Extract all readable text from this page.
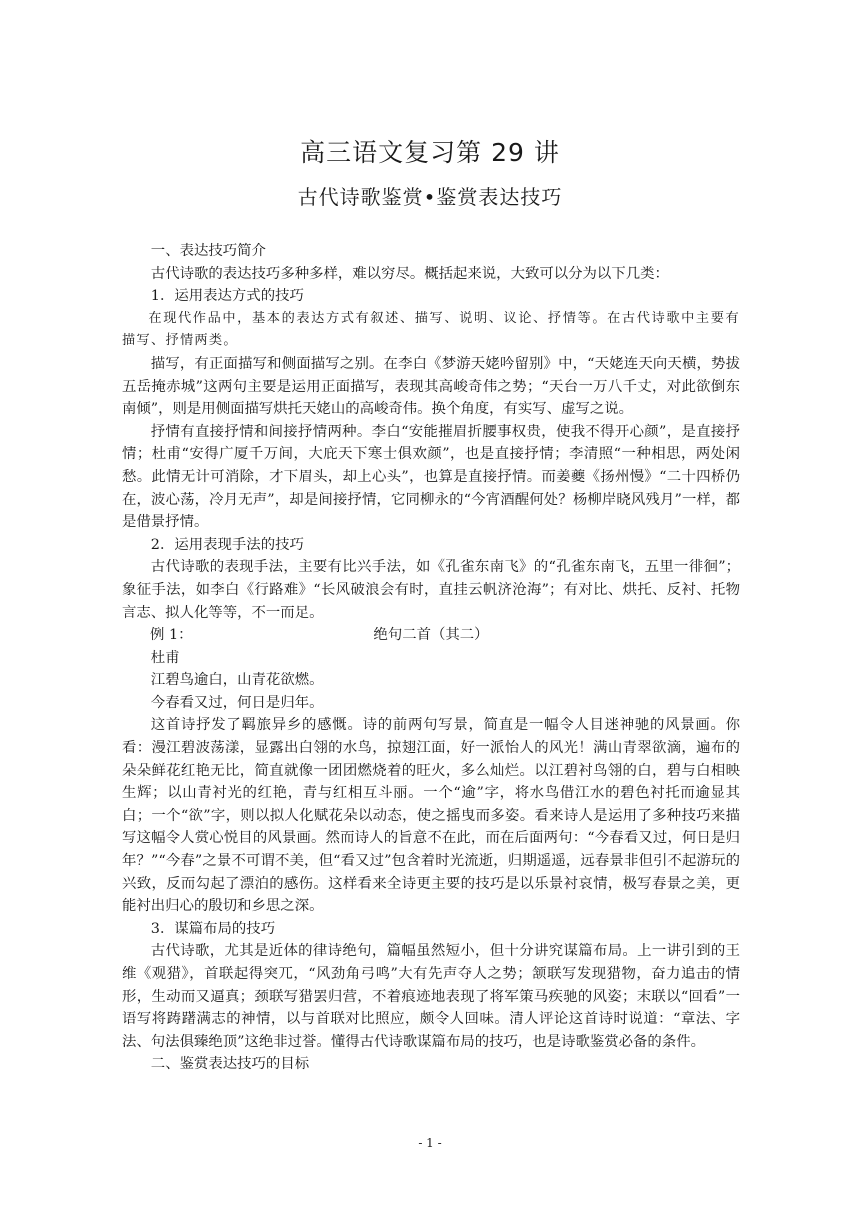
高三语文复习第 29 讲
古代诗歌鉴赏•鉴赏表达技巧

一、表达技巧简介

古代诗歌的表达技巧多种多样，难以穷尽。概括起来说，大致可以分为以下几类：

1．运用表达方式的技巧

在现代作品中，基本的表达方式有叙述、描写、说明、议论、抒情等。在古代诗歌中主要有描写、抒情两类。

描写，有正面描写和侧面描写之别。在李白《梦游天姥吟留别》中，“天姥连天向天横，势拔五岳掩赤城”这两句主要是运用正面描写，表现其高峻奇伟之势；“天台一万八千丈，对此欲倒东南倾”，则是用侧面描写烘托天姥山的高峻奇伟。换个角度，有实写、虚写之说。

抒情有直接抒情和间接抒情两种。李白“安能摧眉折腰事权贵，使我不得开心颜”，是直接抒情；杜甫“安得广厦千万间，大庇天下寒士俱欢颜”，也是直接抒情；李清照“一种相思，两处闲愁。此情无计可消除，才下眉头，却上心头”，也算是直接抒情。而姜夔《扬州慢》“二十四桥仍在，波心荡，冷月无声”，却是间接抒情，它同柳永的“今宵酒醒何处？杨柳岸晓风残月”一样，都是借景抒情。

2．运用表现手法的技巧

古代诗歌的表现手法，主要有比兴手法，如《孔雀东南飞》的“孔雀东南飞，五里一徘徊”；象征手法，如李白《行路难》“长风破浪会有时，直挂云帆济沧海”；有对比、烘托、反衬、托物言志、拟人化等等，不一而足。

例 1：	绝句二首（其二）

杜甫

江碧鸟逾白，山青花欲燃。

今春看又过，何日是归年。

这首诗抒发了羁旅异乡的感慨。诗的前两句写景，简直是一幅令人目迷神驰的风景画。你看：漫江碧波荡漾，显露出白翎的水鸟，掠翅江面，好一派怡人的风光！满山青翠欲滴，遍布的朵朵鲜花红艳无比，简直就像一团团燃烧着的旺火，多么灿烂。以江碧衬鸟翎的白，碧与白相映生辉；以山青衬光的红艳，青与红相互斗丽。一个“逾”字，将水鸟借江水的碧色衬托而逾显其白；一个“欲”字，则以拟人化赋花朵以动态，使之摇曳而多姿。看来诗人是运用了多种技巧来描写这幅令人赏心悦目的风景画。然而诗人的旨意不在此，而在后面两句：“今春看又过，何日是归年？”“今春”之景不可谓不美，但“看又过”包含着时光流逝，归期遥遥，远春景非但引不起游玩的兴致，反而勾起了漂泊的感伤。这样看来全诗更主要的技巧是以乐景衬哀情，极写春景之美，更能衬出归心的殷切和乡思之深。

3．谋篇布局的技巧

古代诗歌，尤其是近体的律诗绝句，篇幅虽然短小，但十分讲究谋篇布局。上一讲引到的王维《观猎》，首联起得突兀，“风劲角弓鸣”大有先声夺人之势；颔联写发现猎物，奋力追击的情形，生动而又逼真；颈联写猎罢归营，不着痕迹地表现了将军策马疾驰的风姿；末联以“回看”一语写将踌躇满志的神情，以与首联对比照应，颇令人回味。清人评论这首诗时说道：“章法、字法、句法俱臻绝顶”这绝非过誉。懂得古代诗歌谋篇布局的技巧，也是诗歌鉴赏必备的条件。

二、鉴赏表达技巧的目标

- 1 -
